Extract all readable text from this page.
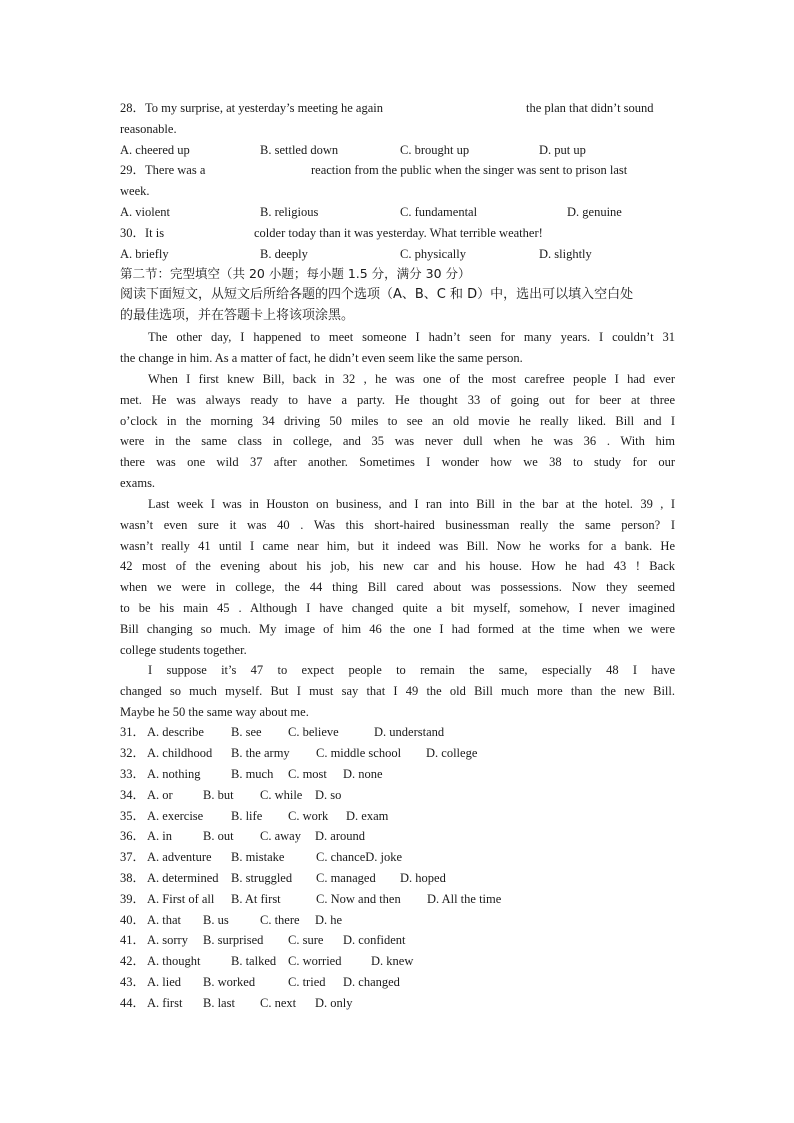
28．To my surprise, at yesterday’s meeting he again	the plan that didn’t sound
reasonable.
A. cheered up	B. settled down	C. brought up	D. put up
29．There was a	reaction from the public when the singer was sent to prison last
week.
A. violent	B. religious	C. fundamental	D. genuine
30．It is	colder today than it was yesterday. What terrible weather!
A. briefly	B. deeply	C. physically	D. slightly
第二节：完型填空（共 20 小题；每小题 1.5 分，满分 30 分）
阅读下面短文，从短文后所给各题的四个选项（A、B、C 和 D）中，选出可以填入空白处
的最佳选项，并在答题卡上将该项涂黑。
The other day, I happened to meet someone I hadn’t seen for many years. I couldn’t 31
the change in him. As a matter of fact, he didn’t even seem like the same person.
When I first knew Bill, back in 32 , he was one of the most carefree people I had ever
met. He was always ready to have a party. He thought 33 of going out for beer at three
o’clock in the morning 34 driving 50 miles to see an old movie he really liked. Bill and I
were in the same class in college, and 35 was never dull when he was 36 . With him
there was one wild 37 after another. Sometimes I wonder how we 38 to study for our
exams.
Last week I was in Houston on business, and I ran into Bill in the bar at the hotel. 39 , I
wasn’t even sure it was 40 . Was this short-haired businessman really the same person? I
wasn’t really 41 until I came near him, but it indeed was Bill. Now he works for a bank. He
42 most of the evening about his job, his new car and his house. How he had 43 ! Back
when we were in college, the 44 thing Bill cared about was possessions. Now they seemed
to be his main 45 . Although I have changed quite a bit myself, somehow, I never imagined
Bill changing so much. My image of him 46 the one I had formed at the time when we were
college students together.
I suppose it’s 47 to expect people to remain the same, especially 48 I have
changed so much myself. But I must say that I 49 the old Bill much more than the new Bill.
Maybe he 50 the same way about me.
31． A. describe B. see C. believe	D. understand
32． A. childhood B. the army C. middle school D. college
33． A. nothing B. much C. most D. none
34． A. or B. but C. while D. so
35． A. exercise B. life C. work D. exam
36． A. in B. out C. away D. around
37． A. adventure B. mistake	C. chanceD. joke
38． A. determined B. struggled C. managed D. hoped
39． A. First of all B. At first	C. Now and then D. All the time
40． A. that B. us	C. there D. he
41． A. sorry B. surprised C. sure D. confident
42． A. thought B. talked C. worried D. knew
43． A. lied B. worked	C. tried D. changed
44． A. first B. last C. next D. only
